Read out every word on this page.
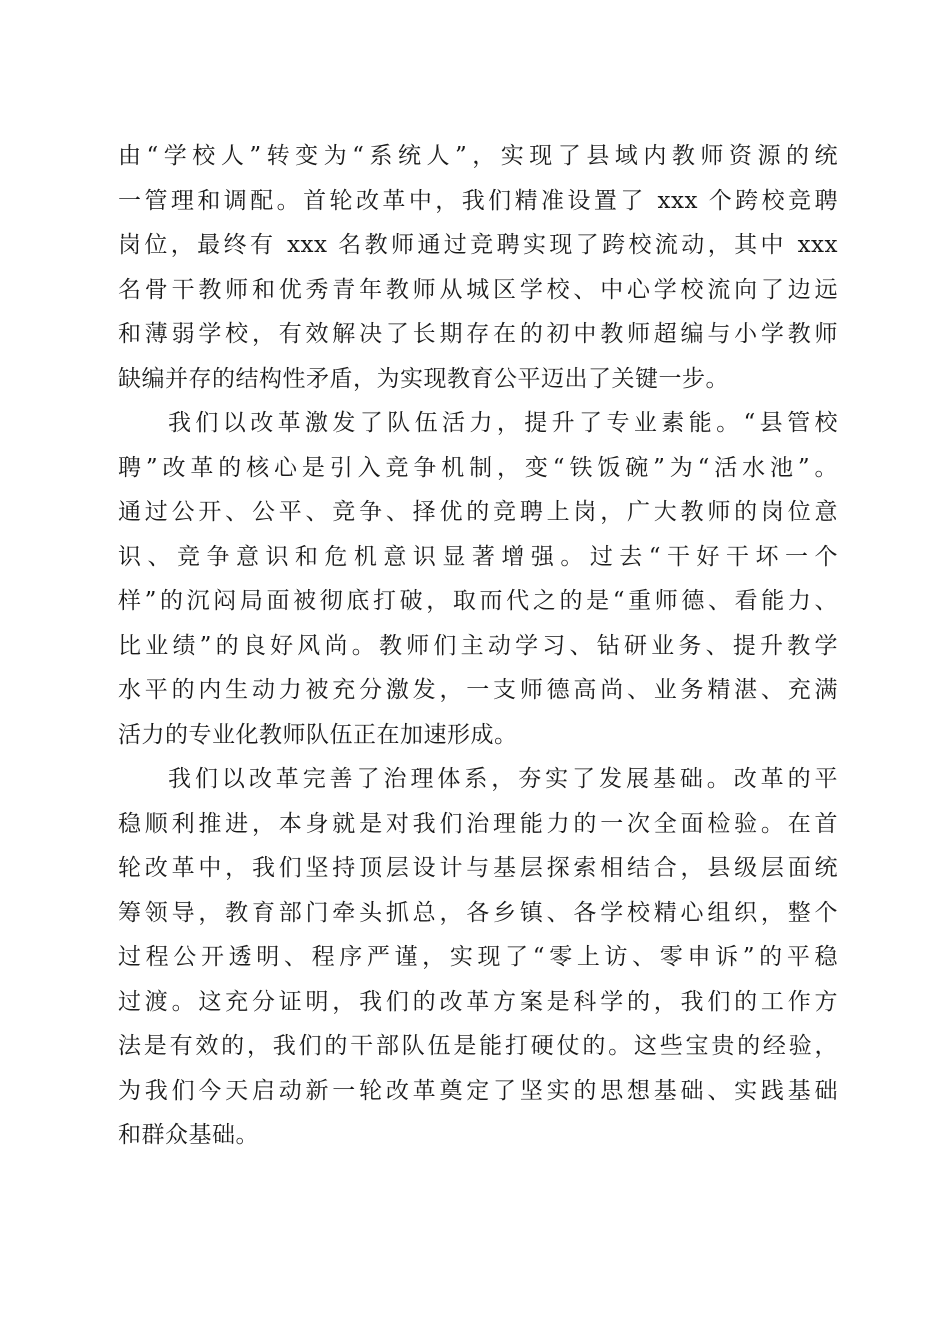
由“学校人”转变为“系统人”，实现了县域内教师资源的统
一管理和调配。首轮改革中，我们精准设置了 xxx 个跨校竞聘
岗位，最终有 xxx 名教师通过竞聘实现了跨校流动，其中 xxx
名骨干教师和优秀青年教师从城区学校、中心学校流向了边远
和薄弱学校，有效解决了长期存在的初中教师超编与小学教师
缺编并存的结构性矛盾，为实现教育公平迈出了关键一步。
我们以改革激发了队伍活力，提升了专业素能。“县管校
聘”改革的核心是引入竞争机制，变“铁饭碗”为“活水池”。
通过公开、公平、竞争、择优的竞聘上岗，广大教师的岗位意
识、竞争意识和危机意识显著增强。过去“干好干坏一个
样”的沉闷局面被彻底打破，取而代之的是“重师德、看能力、
比业绩”的良好风尚。教师们主动学习、钻研业务、提升教学
水平的内生动力被充分激发，一支师德高尚、业务精湛、充满
活力的专业化教师队伍正在加速形成。
我们以改革完善了治理体系，夯实了发展基础。改革的平
稳顺利推进，本身就是对我们治理能力的一次全面检验。在首
轮改革中，我们坚持顶层设计与基层探索相结合，县级层面统
筹领导，教育部门牵头抓总，各乡镇、各学校精心组织，整个
过程公开透明、程序严谨，实现了“零上访、零申诉”的平稳
过渡。这充分证明，我们的改革方案是科学的，我们的工作方
法是有效的，我们的干部队伍是能打硬仗的。这些宝贵的经验，
为我们今天启动新一轮改革奠定了坚实的思想基础、实践基础
和群众基础。
